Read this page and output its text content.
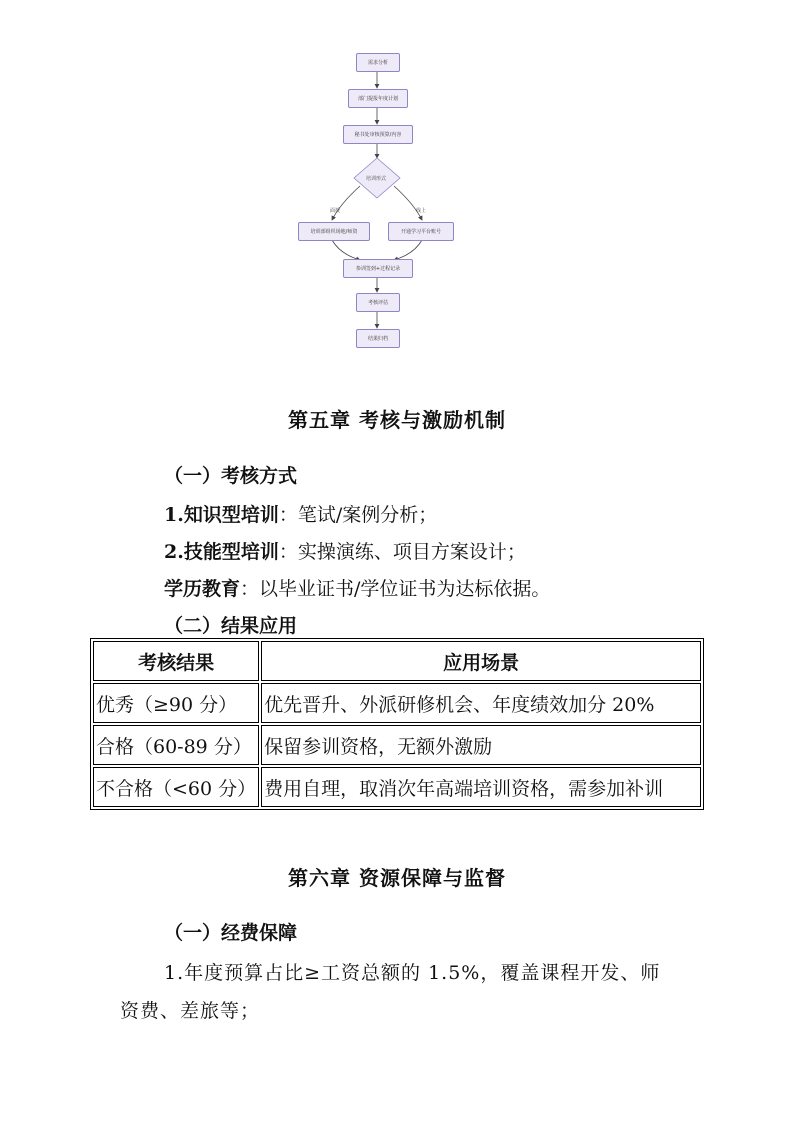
需求分析
部门提报年度计划
秘书处审核预算/内容
培训形式
面授	线上
培训部组织场地/师资	开通学习平台账号
参训签到+过程记录
考核评估
结果归档
第五章 考核与激励机制
（一）考核方式
1.知识型培训：笔试/案例分析；
2.技能型培训：实操演练、项目方案设计；
学历教育：以毕业证书/学位证书为达标依据。
（二）结果应用
考核结果	应用场景
优秀（≥90 分）	优先晋升、外派研修机会、年度绩效加分 20%
合格（60-89 分）	保留参训资格，无额外激励
不合格（<60 分）	费用自理，取消次年高端培训资格，需参加补训
第六章 资源保障与监督
（一）经费保障
1.年度预算占比≥工资总额的 1.5%，覆盖课程开发、师
资费、差旅等；
